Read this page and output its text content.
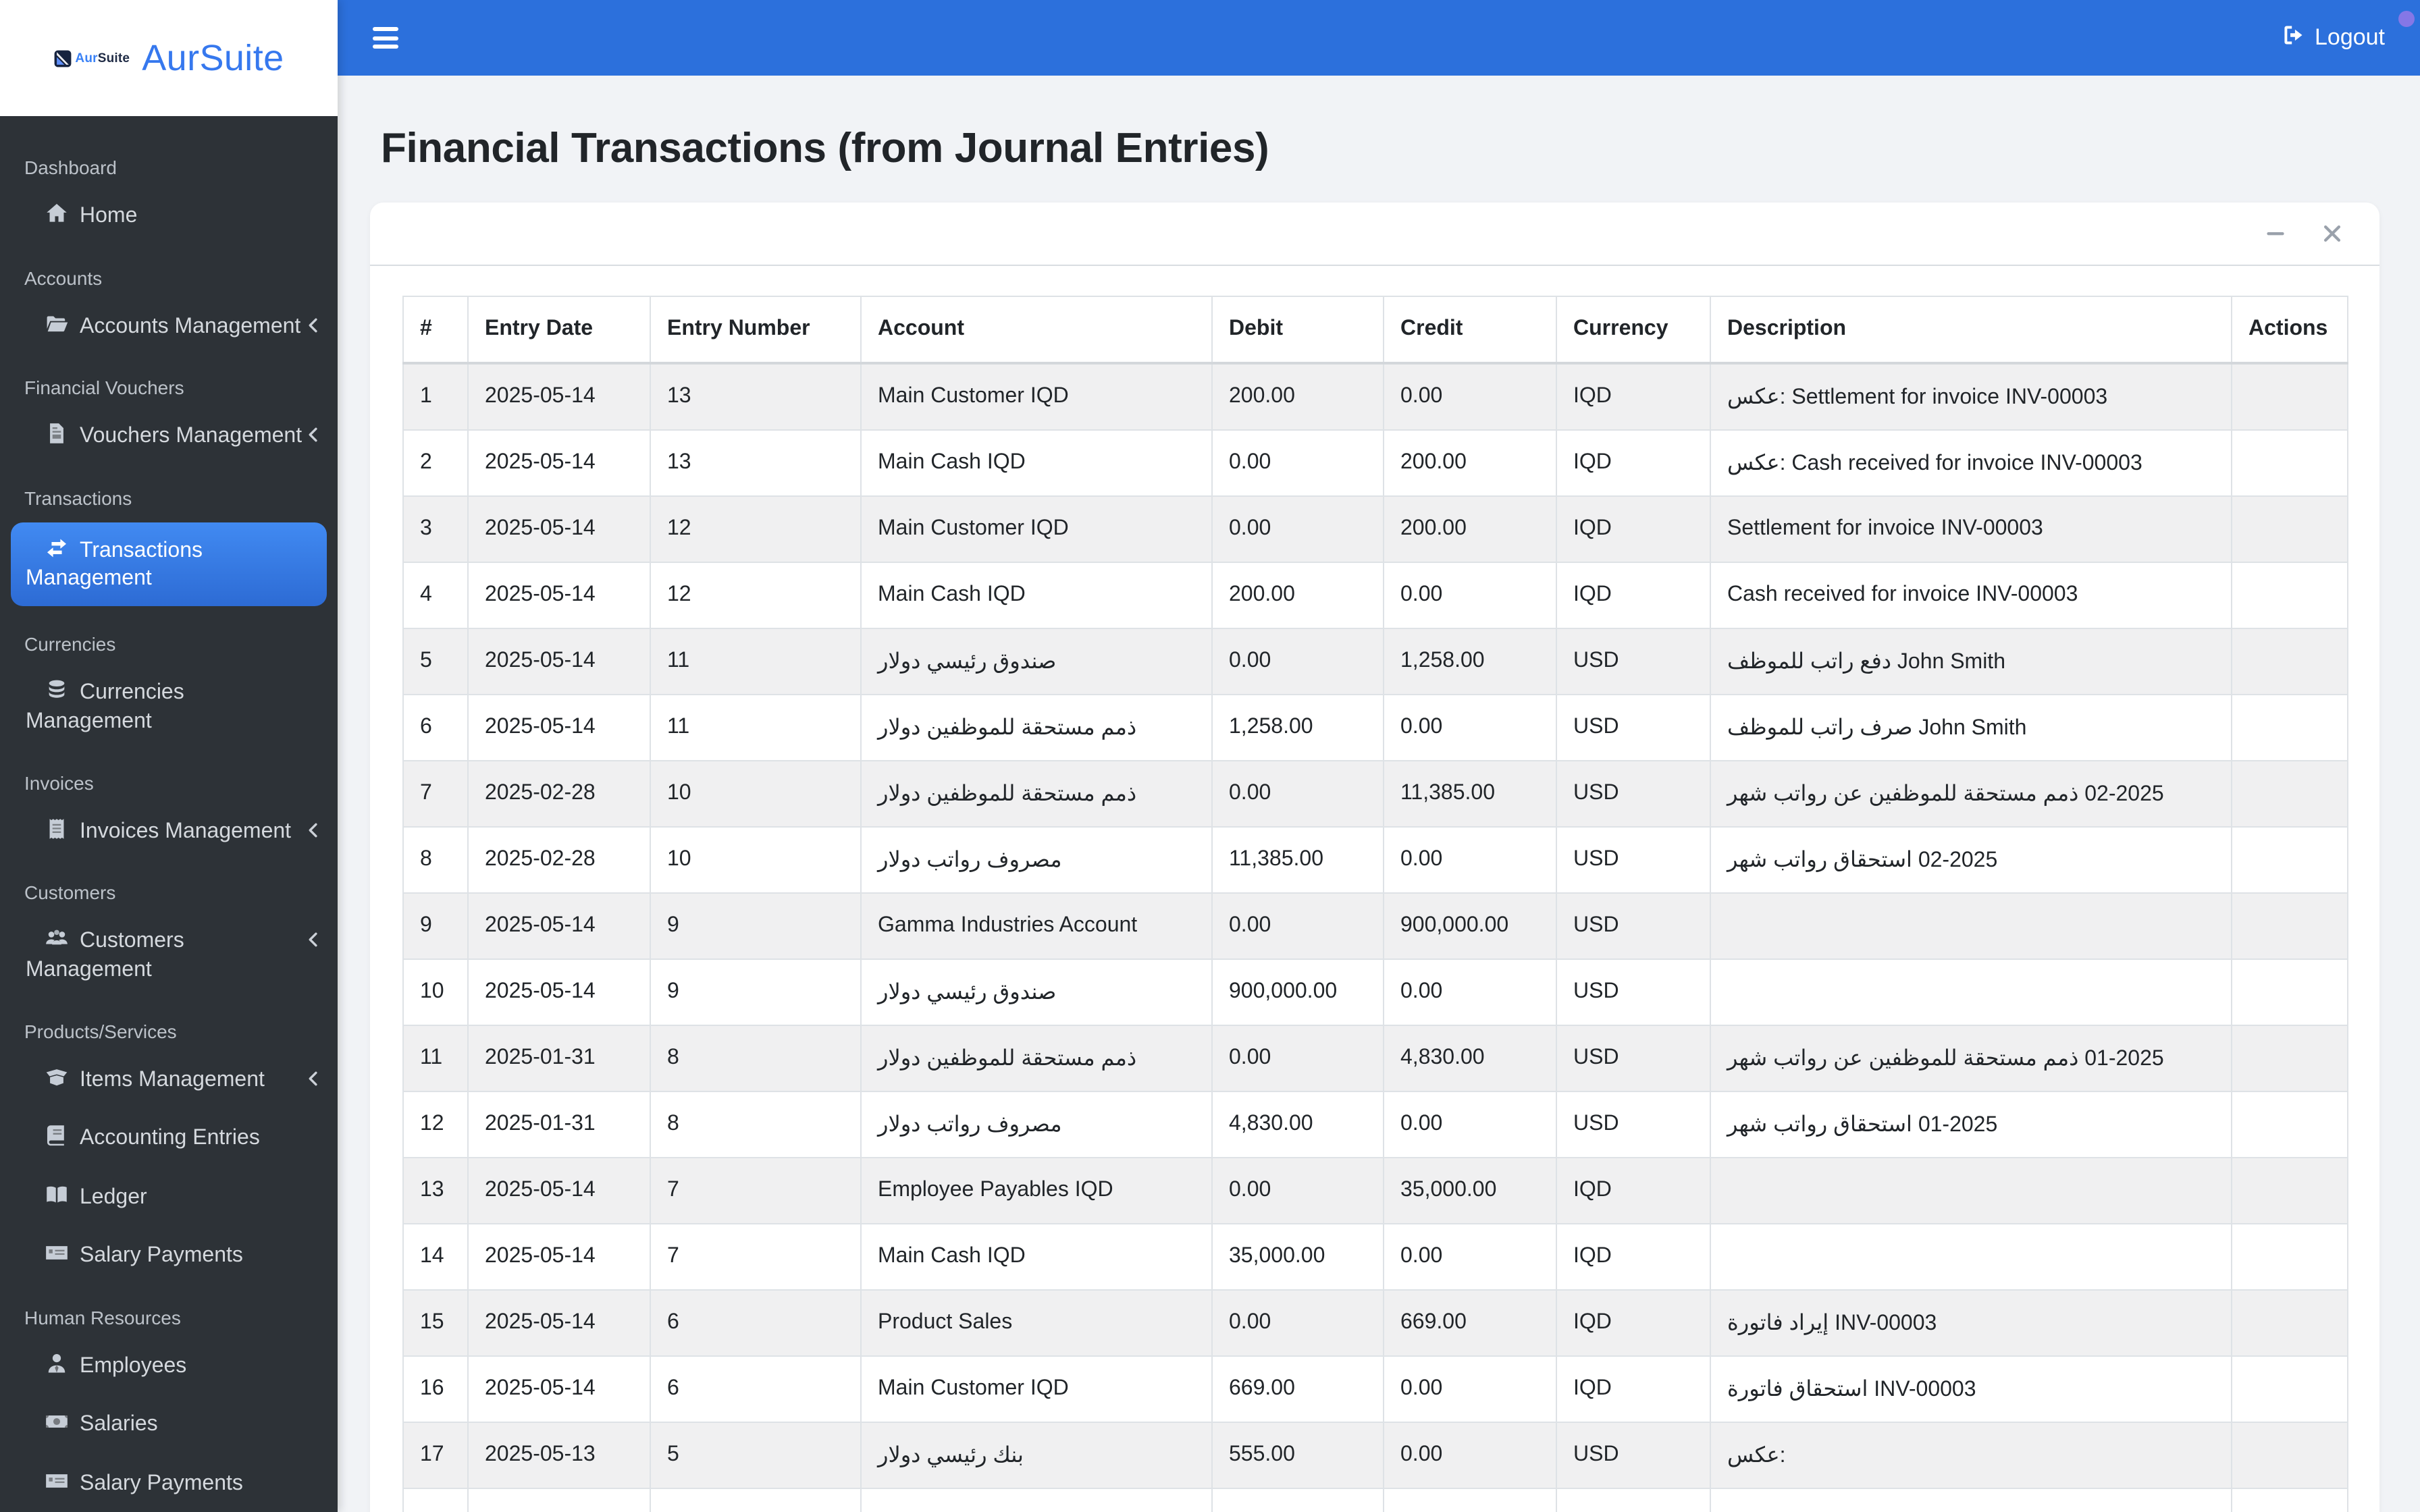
AurSuite AurSuite
Dashboard
Home
Accounts
Accounts Management
Financial Vouchers
Vouchers Management
Transactions
Transactions Management
Currencies
Currencies Management
Invoices
Invoices Management
Customers
Customers Management
Products/Services
Items Management
Accounting Entries
Ledger
Salary Payments
Human Resources
Employees
Salaries
Salary Payments
Logout
Financial Transactions (from Journal Entries)
#	Entry Date	Entry Number	Account	Debit	Credit	Currency	Description	Actions
1	2025-05-14	13	Main Customer IQD	200.00	0.00	IQD	عكس: Settlement for invoice INV-00003	
2	2025-05-14	13	Main Cash IQD	0.00	200.00	IQD	عكس: Cash received for invoice INV-00003	
3	2025-05-14	12	Main Customer IQD	0.00	200.00	IQD	Settlement for invoice INV-00003	
4	2025-05-14	12	Main Cash IQD	200.00	0.00	IQD	Cash received for invoice INV-00003	
5	2025-05-14	11	صندوق رئيسي دولار	0.00	1,258.00	USD	دفع راتب للموظف John Smith	
6	2025-05-14	11	ذمم مستحقة للموظفين دولار	1,258.00	0.00	USD	صرف راتب للموظف John Smith	
7	2025-02-28	10	ذمم مستحقة للموظفين دولار	0.00	11,385.00	USD	ذمم مستحقة للموظفين عن رواتب شهر 02-2025	
8	2025-02-28	10	مصروف رواتب دولار	11,385.00	0.00	USD	استحقاق رواتب شهر 02-2025	
9	2025-05-14	9	Gamma Industries Account	0.00	900,000.00	USD		
10	2025-05-14	9	صندوق رئيسي دولار	900,000.00	0.00	USD		
11	2025-01-31	8	ذمم مستحقة للموظفين دولار	0.00	4,830.00	USD	ذمم مستحقة للموظفين عن رواتب شهر 01-2025	
12	2025-01-31	8	مصروف رواتب دولار	4,830.00	0.00	USD	استحقاق رواتب شهر 01-2025	
13	2025-05-14	7	Employee Payables IQD	0.00	35,000.00	IQD		
14	2025-05-14	7	Main Cash IQD	35,000.00	0.00	IQD		
15	2025-05-14	6	Product Sales	0.00	669.00	IQD	إيراد فاتورة INV-00003	
16	2025-05-14	6	Main Customer IQD	669.00	0.00	IQD	استحقاق فاتورة INV-00003	
17	2025-05-13	5	بنك رئيسي دولار	555.00	0.00	USD	عكس:	
